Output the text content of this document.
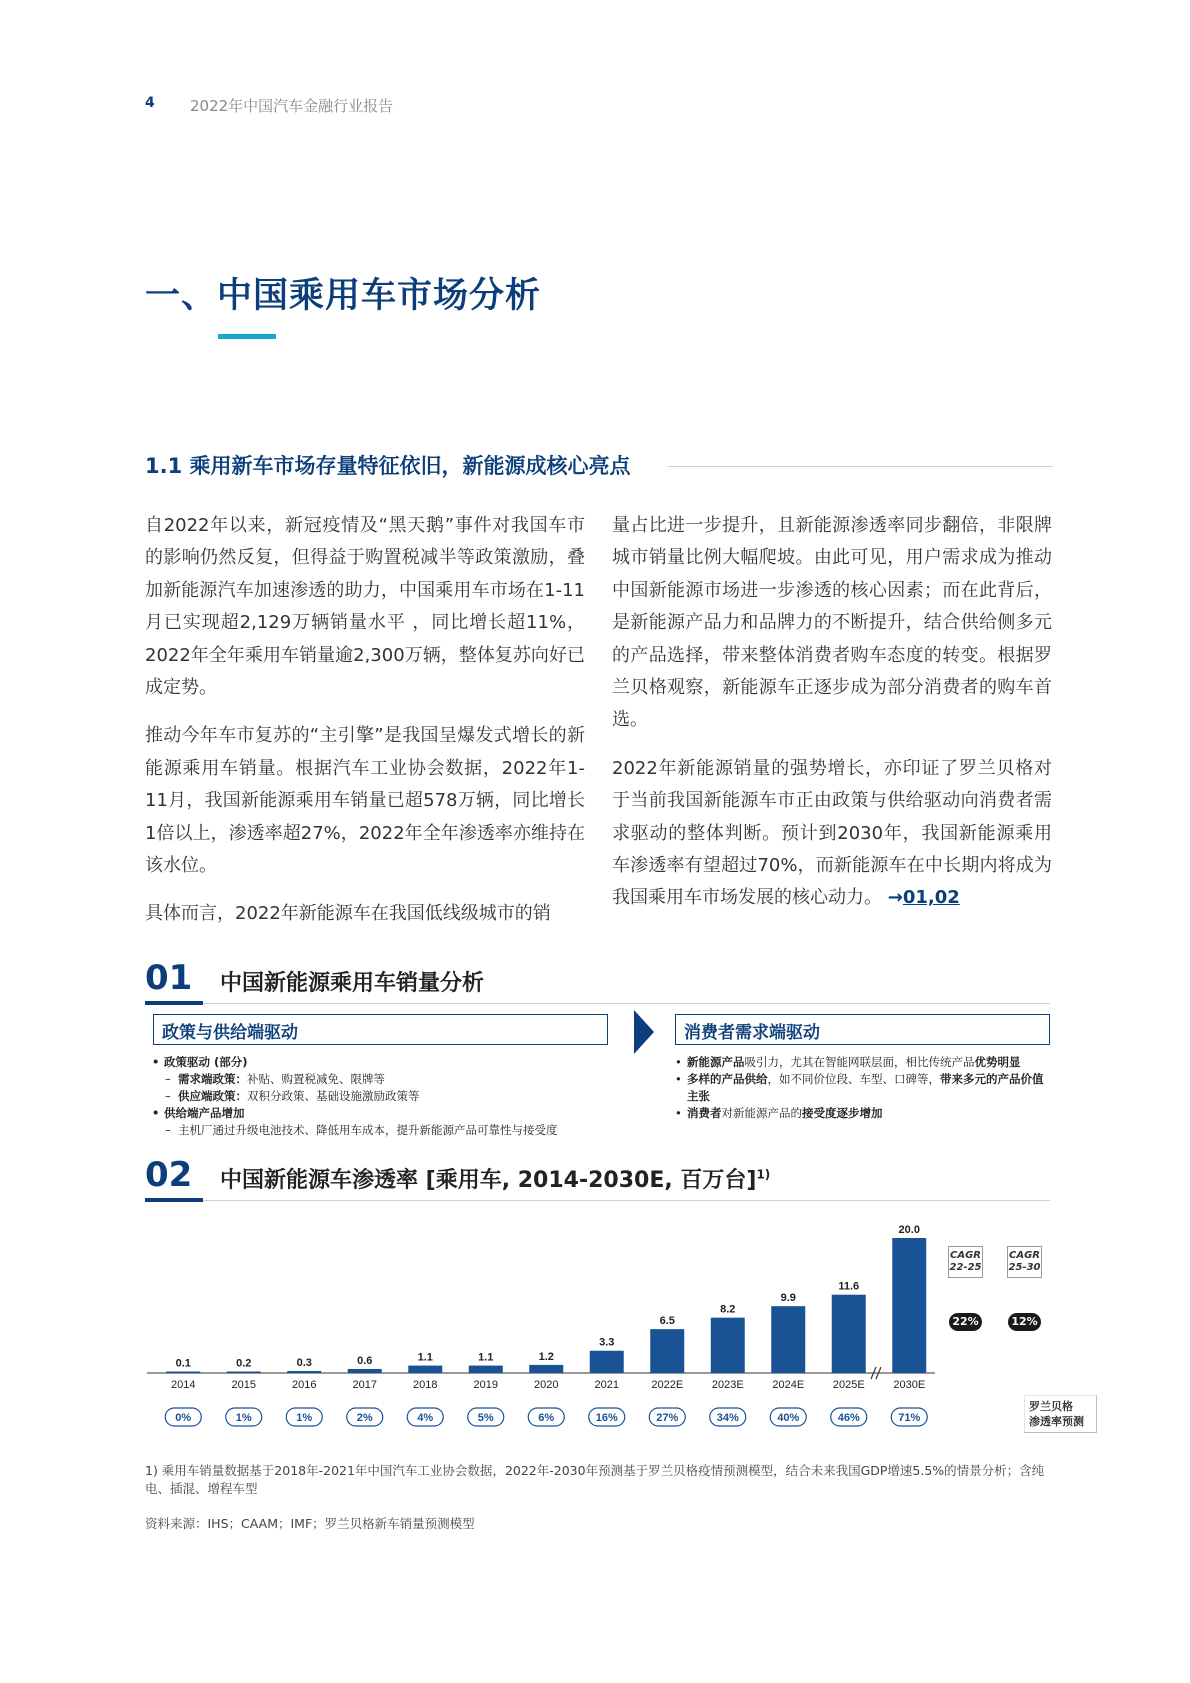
4 2022年中国汽车金融行业报告
一、中国乘用车市场分析
1.1 乘用新车市场存量特征依旧，新能源成核心亮点

自2022年以来，新冠疫情及“黑天鹅”事件对我国车市的影响仍然反复，但得益于购置税减半等政策激励，叠加新能源汽车加速渗透的助力，中国乘用车市场在1-11月已实现超2,129万辆销量水平 ，同比增长超11%，2022年全年乘用车销量逾2,300万辆，整体复苏向好已成定势。

推动今年车市复苏的“主引擎”是我国呈爆发式增长的新能源乘用车销量。根据汽车工业协会数据，2022年1-11月，我国新能源乘用车销量已超578万辆，同比增长1倍以上，渗透率超27%，2022年全年渗透率亦维持在该水位。

具体而言，2022年新能源车在我国低线级城市的销

量占比进一步提升，且新能源渗透率同步翻倍，非限牌城市销量比例大幅爬坡。由此可见，用户需求成为推动中国新能源市场进一步渗透的核心因素；而在此背后，是新能源产品力和品牌力的不断提升，结合供给侧多元的产品选择，带来整体消费者购车态度的转变。根据罗兰贝格观察，新能源车正逐步成为部分消费者的购车首选。

2022年新能源销量的强势增长，亦印证了罗兰贝格对于当前我国新能源车市正由政策与供给驱动向消费者需求驱动的整体判断。预计到2030年，我国新能源乘用车渗透率有望超过70%，而新能源车在中长期内将成为我国乘用车市场发展的核心动力。 →01,02

01 中国新能源乘用车销量分析
政策与供给端驱动	消费者需求端驱动
• 政策驱动 (部分)
– 需求端政策：补贴、购置税减免、限牌等
– 供应端政策：双积分政策、基础设施激励政策等
• 供给端产品增加
– 主机厂通过升级电池技术、降低用车成本，提升新能源产品可靠性与接受度
• 新能源产品吸引力，尤其在智能网联层面，相比传统产品优势明显
• 多样的产品供给，如不同价位段、车型、口碑等，带来多元的产品价值主张
• 消费者对新能源产品的接受度逐步增加
02 中国新能源车渗透率 [乘用车, 2014-2030E, 百万台]$^{1)}$
0.1
2014
0%
0.2
2015
1%
0.3
2016
1%
0.6
2017
2%
1.1
2018
4%
1.1
2019
5%
1.2
2020
6%
3.3
2021
16%
6.5
2022E
27%
8.2
2023E
34%
9.9
2024E
40%
11.6
2025E
46%
20.0
2030E
71%
CAGR
22-25
CAGR
25-30
22%	12%
罗兰贝格
渗透率预测
1) 乘用车销量数据基于2018年-2021年中国汽车工业协会数据，2022年-2030年预测基于罗兰贝格疫情预测模型，结合未来我国GDP增速5.5%的情景分析；含纯电、插混、增程车型
资料来源：IHS；CAAM；IMF；罗兰贝格新车销量预测模型
